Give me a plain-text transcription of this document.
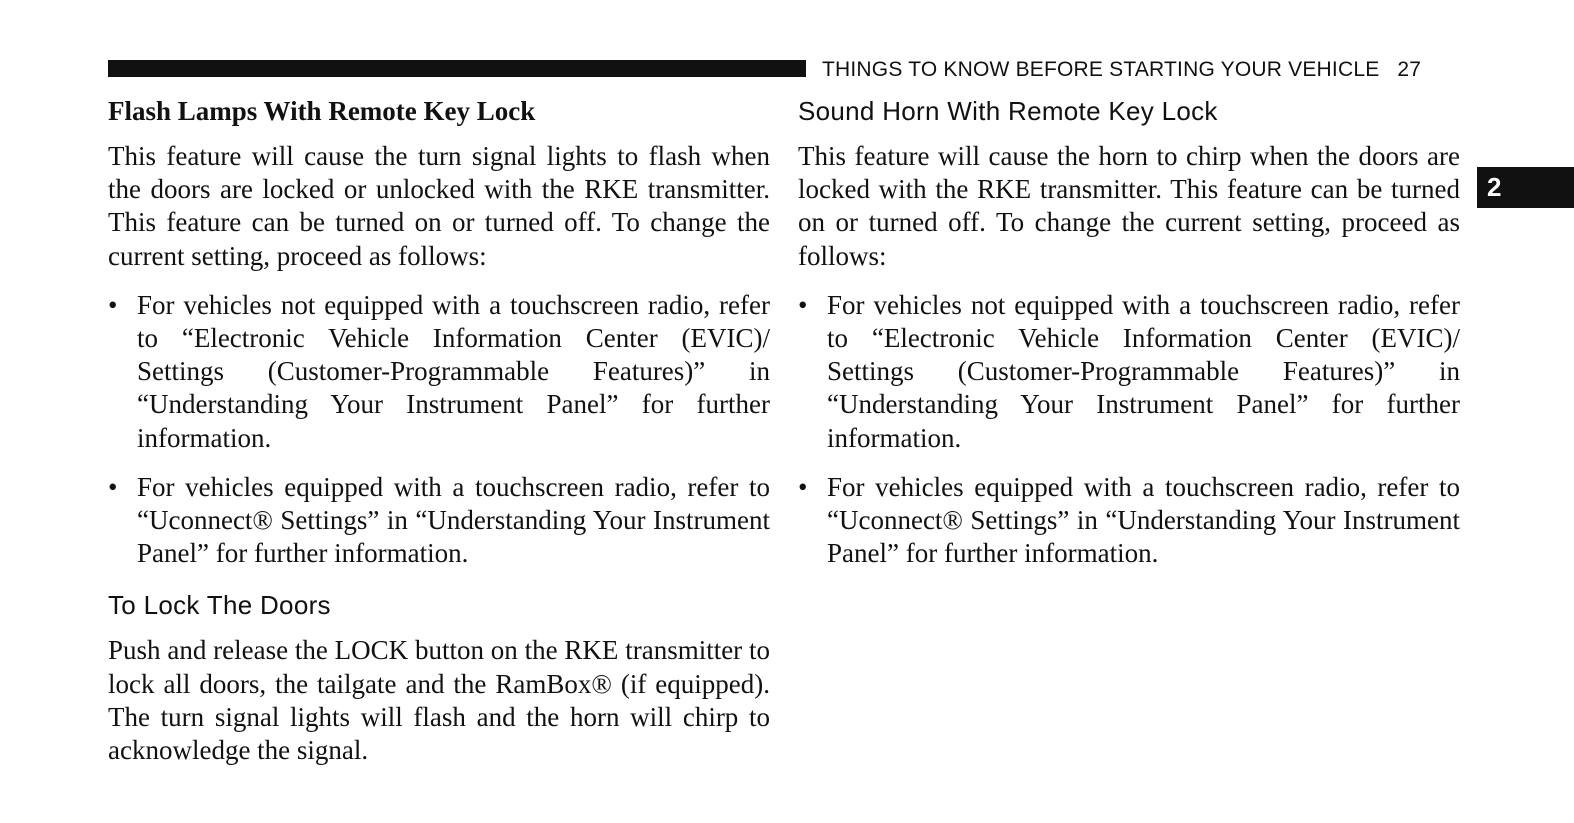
THINGS TO KNOW BEFORE STARTING YOUR VEHICLE 27
2
Flash Lamps With Remote Key Lock

This feature will cause the turn signal lights to flash when the doors are locked or unlocked with the RKE transmitter. This feature can be turned on or turned off. To change the current setting, proceed as follows:

• For vehicles not equipped with a touchscreen radio, refer to “Electronic Vehicle Information Center (EVIC)/ Settings (Customer-Programmable Features)” in “Understanding Your Instrument Panel” for further information.
• For vehicles equipped with a touchscreen radio, refer to “Uconnect® Settings” in “Understanding Your Instrument Panel” for further information.
To Lock The Doors

Push and release the LOCK button on the RKE transmitter to lock all doors, the tailgate and the RamBox® (if equipped). The turn signal lights will flash and the horn will chirp to acknowledge the signal.

Sound Horn With Remote Key Lock

This feature will cause the horn to chirp when the doors are locked with the RKE transmitter. This feature can be turned on or turned off. To change the current setting, proceed as follows:

• For vehicles not equipped with a touchscreen radio, refer to “Electronic Vehicle Information Center (EVIC)/ Settings (Customer-Programmable Features)” in “Understanding Your Instrument Panel” for further information.
• For vehicles equipped with a touchscreen radio, refer to “Uconnect® Settings” in “Understanding Your Instrument Panel” for further information.
